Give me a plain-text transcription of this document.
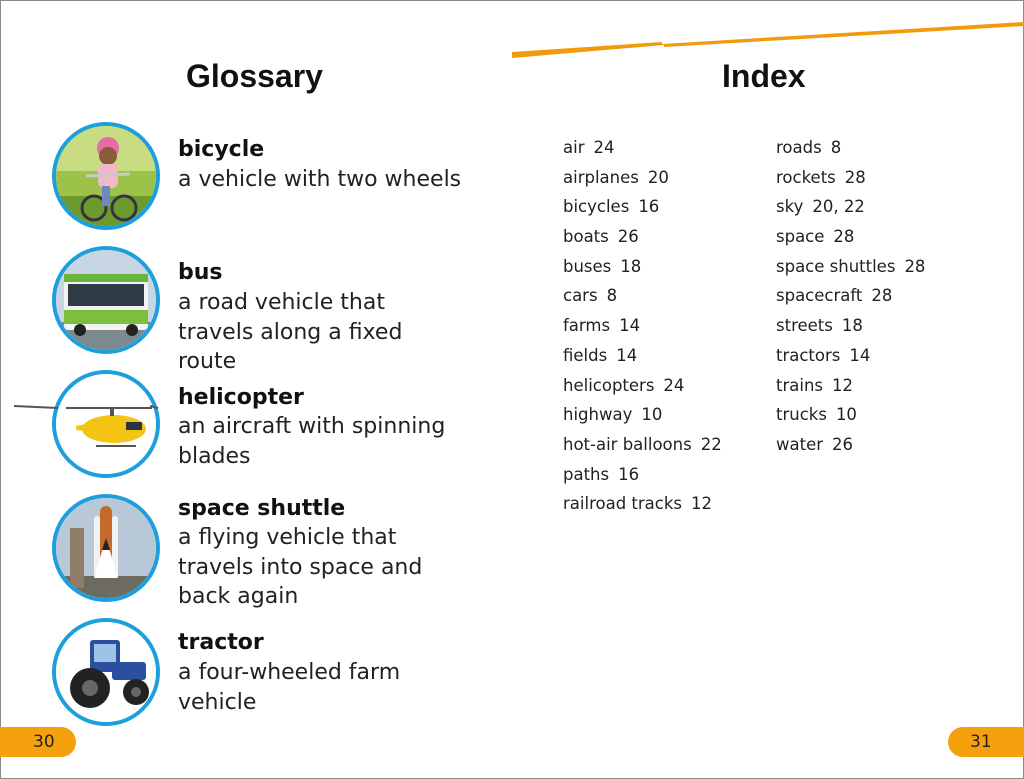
Glossary	Index
bicycle
a vehicle with two wheels
bus
a road vehicle that travels along a fixed route
helicopter
an aircraft with spinning blades
space shuttle
a flying vehicle that travels into space and back again
tractor
a four-wheeled farm vehicle
air 24
airplanes 20
bicycles 16
boats 26
buses 18
cars 8
farms 14
fields 14
helicopters 24
highway 10
hot-air balloons 22
paths 16
railroad tracks 12
roads 8
rockets 28
sky 20, 22
space 28
space shuttles 28
spacecraft 28
streets 18
tractors 14
trains 12
trucks 10
water 26
30	31
